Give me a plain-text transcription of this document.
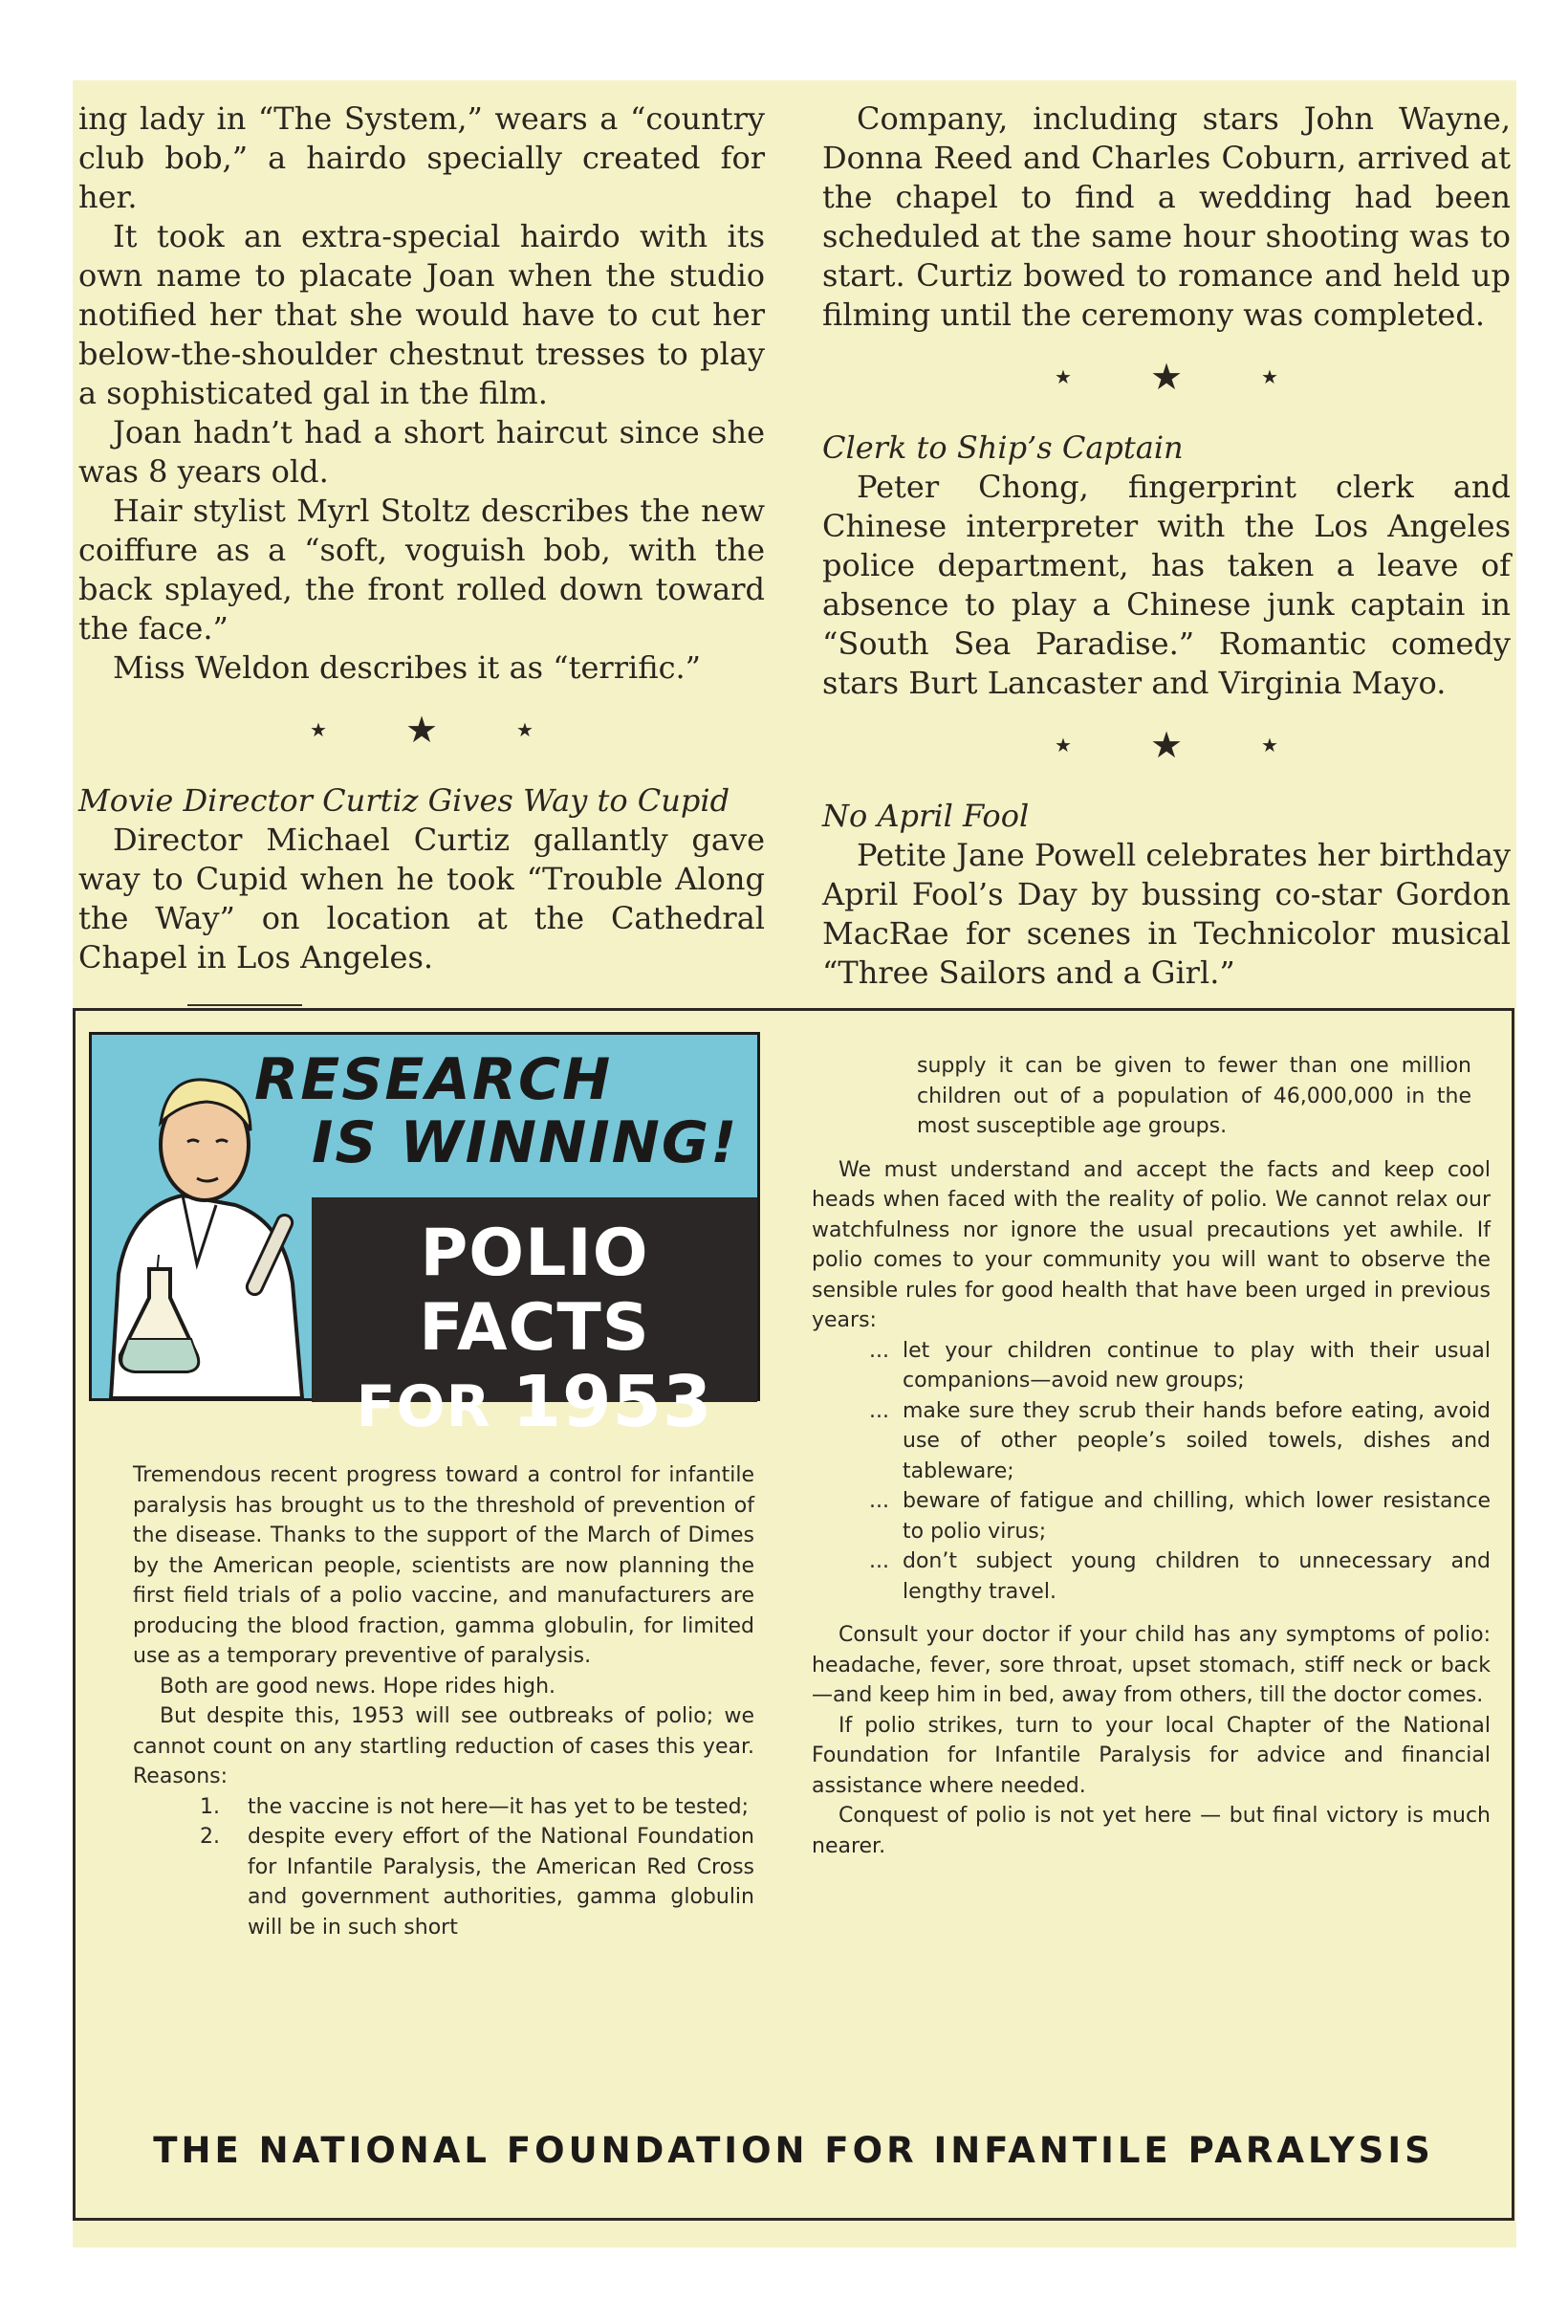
ing lady in “The System,” wears a “country club bob,” a hairdo specially created for her.

It took an extra-special hairdo with its own name to placate Joan when the studio notified her that she would have to cut her below-the-shoulder chestnut tresses to play a sophisticated gal in the film.

Joan hadn’t had a short haircut since she was 8 years old.

Hair stylist Myrl Stoltz describes the new coiffure as a “soft, voguish bob, with the back splayed, the front rolled down toward the face.”

Miss Weldon describes it as “terrific.”

★ ★	★

Movie Director Curtiz Gives Way to Cupid

Director Michael Curtiz gallantly gave way to Cupid when he took “Trouble Along the Way” on location at the Cathedral Chapel in Los Angeles.

Company, including stars John Wayne, Donna Reed and Charles Coburn, arrived at the chapel to find a wedding had been scheduled at the same hour shooting was to start. Curtiz bowed to romance and held up filming until the ceremony was completed.

★ ★	★

Clerk to Ship’s Captain

Peter Chong, fingerprint clerk and Chinese interpreter with the Los Angeles police department, has taken a leave of absence to play a Chinese junk captain in “South Sea Paradise.” Romantic comedy stars Burt Lancaster and Virginia Mayo.

★ ★	★

No April Fool

Petite Jane Powell celebrates her birthday April Fool’s Day by bussing co-star Gordon MacRae for scenes in Technicolor musical “Three Sailors and a Girl.”

RESEARCH
IS WINNING!
POLIO FACTS
FOR 1953

Tremendous recent progress toward a control for infantile paralysis has brought us to the threshold of prevention of the disease. Thanks to the support of the March of Dimes by the American people, scientists are now planning the first field trials of a polio vaccine, and manufacturers are producing the blood fraction, gamma globulin, for limited use as a temporary preventive of paralysis.

Both are good news. Hope rides high.

But despite this, 1953 will see outbreaks of polio; we cannot count on any startling reduction of cases this year. Reasons:

1. the vaccine is not here—it has yet to be tested;
2. despite every effort of the National Foundation for Infantile Paralysis, the American Red Cross and government authorities, gamma globulin will be in such short
supply it can be given to fewer than one million children out of a population of 46,000,000 in the most susceptible age groups.

We must understand and accept the facts and keep cool heads when faced with the reality of polio. We cannot relax our watchfulness nor ignore the usual precautions yet awhile. If polio comes to your community you will want to observe the sensible rules for good health that have been urged in previous years:

... let your children continue to play with their usual companions—avoid new groups;
... make sure they scrub their hands before eating, avoid use of other people’s soiled towels, dishes and tableware;
... beware of fatigue and chilling, which lower resistance to polio virus;
... don’t subject young children to unnecessary and lengthy travel.

Consult your doctor if your child has any symptoms of polio: headache, fever, sore throat, upset stomach, stiff neck or back—and keep him in bed, away from others, till the doctor comes.

If polio strikes, turn to your local Chapter of the National Foundation for Infantile Paralysis for advice and financial assistance where needed.

Conquest of polio is not yet here — but final victory is much nearer.

THE NATIONAL FOUNDATION FOR INFANTILE PARALYSIS
